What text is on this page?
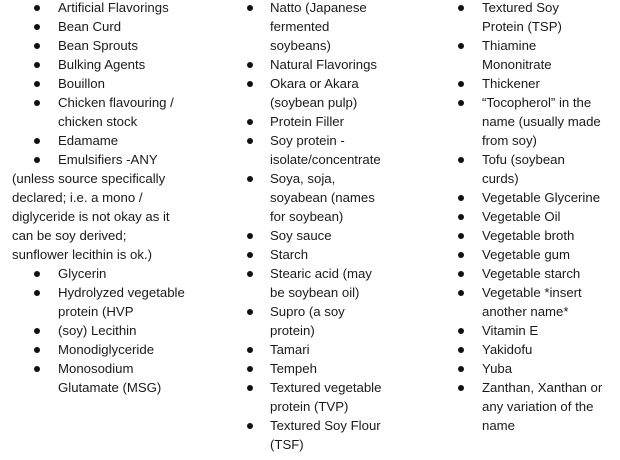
Artificial Flavorings
Bean Curd
Bean Sprouts
Bulking Agents
Bouillon
Chicken flavouring / chicken stock
Edamame
Emulsifiers -ANY
(unless source specifically declared; i.e. a mono / diglyceride is not okay as it can be soy derived; sunflower lecithin is ok.)
Glycerin
Hydrolyzed vegetable protein (HVP
(soy) Lecithin
Monodiglyceride
Monosodium Glutamate (MSG)
Natto (Japanese fermented soybeans)
Natural Flavorings
Okara or Akara (soybean pulp)
Protein Filler
Soy protein - isolate/concentrate
Soya, soja, soyabean (names for soybean)
Soy sauce
Starch
Stearic acid (may be soybean oil)
Supro (a soy protein)
Tamari
Tempeh
Textured vegetable protein (TVP)
Textured Soy Flour (TSF)
Textured Soy Protein (TSP)
Thiamine Mononitrate
Thickener
“Tocopherol” in the name (usually made from soy)
Tofu (soybean curds)
Vegetable Glycerine
Vegetable Oil
Vegetable broth
Vegetable gum
Vegetable starch
Vegetable *insert another name*
Vitamin E
Yakidofu
Yuba
Zanthan, Xanthan or any variation of the name
